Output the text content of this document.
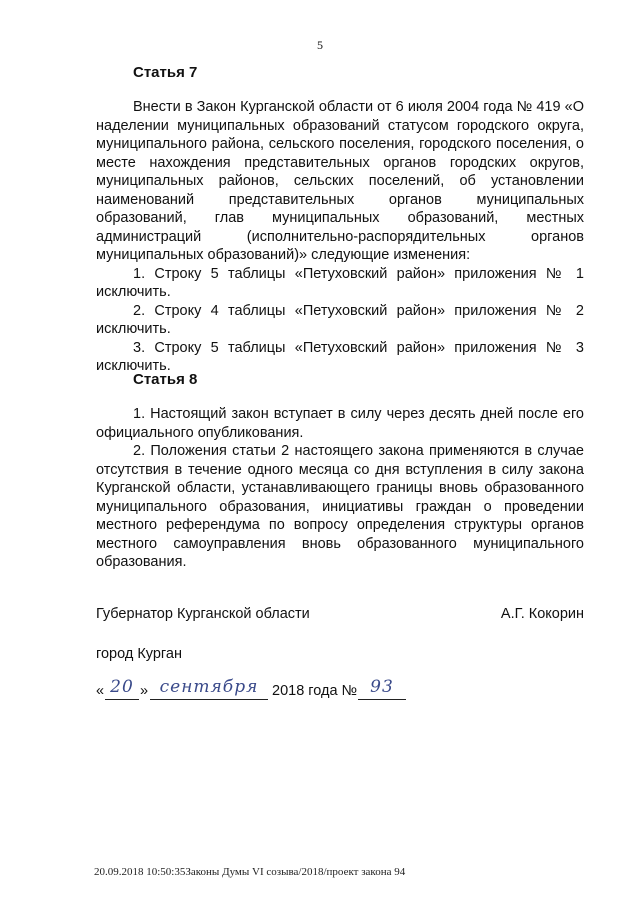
5
Статья 7

Внести в Закон Курганской области от 6 июля 2004 года № 419 «О наделении муниципальных образований статусом городского округа, муниципального района, сельского поселения, городского поселения, о месте нахождения представительных органов городских округов, муниципальных районов, сельских поселений, об установлении наименований представительных органов муниципальных образований, глав муниципальных образований, местных администраций (исполнительно-распорядительных органов муниципальных образований)» следующие изменения:

1. Строку 5 таблицы «Петуховский район» приложения № 1 исключить.

2. Строку 4 таблицы «Петуховский район» приложения № 2 исключить.

3. Строку 5 таблицы «Петуховский район» приложения № 3 исключить.

Статья 8

1. Настоящий закон вступает в силу через десять дней после его официального опубликования.

2. Положения статьи 2 настоящего закона применяются в случае отсутствия в течение одного месяца со дня вступления в силу закона Курганской области, устанавливающего границы вновь образованного муниципального образования, инициативы граждан о проведении местного референдума по вопросу определения структуры органов местного самоуправления вновь образованного муниципального образования.

Губернатор Курганской области	А.Г. Кокорин
город Курган
« 20 » сентября 2018 года № 93
20.09.2018 10:50:35Законы Думы VI созыва/2018/проект закона 94
